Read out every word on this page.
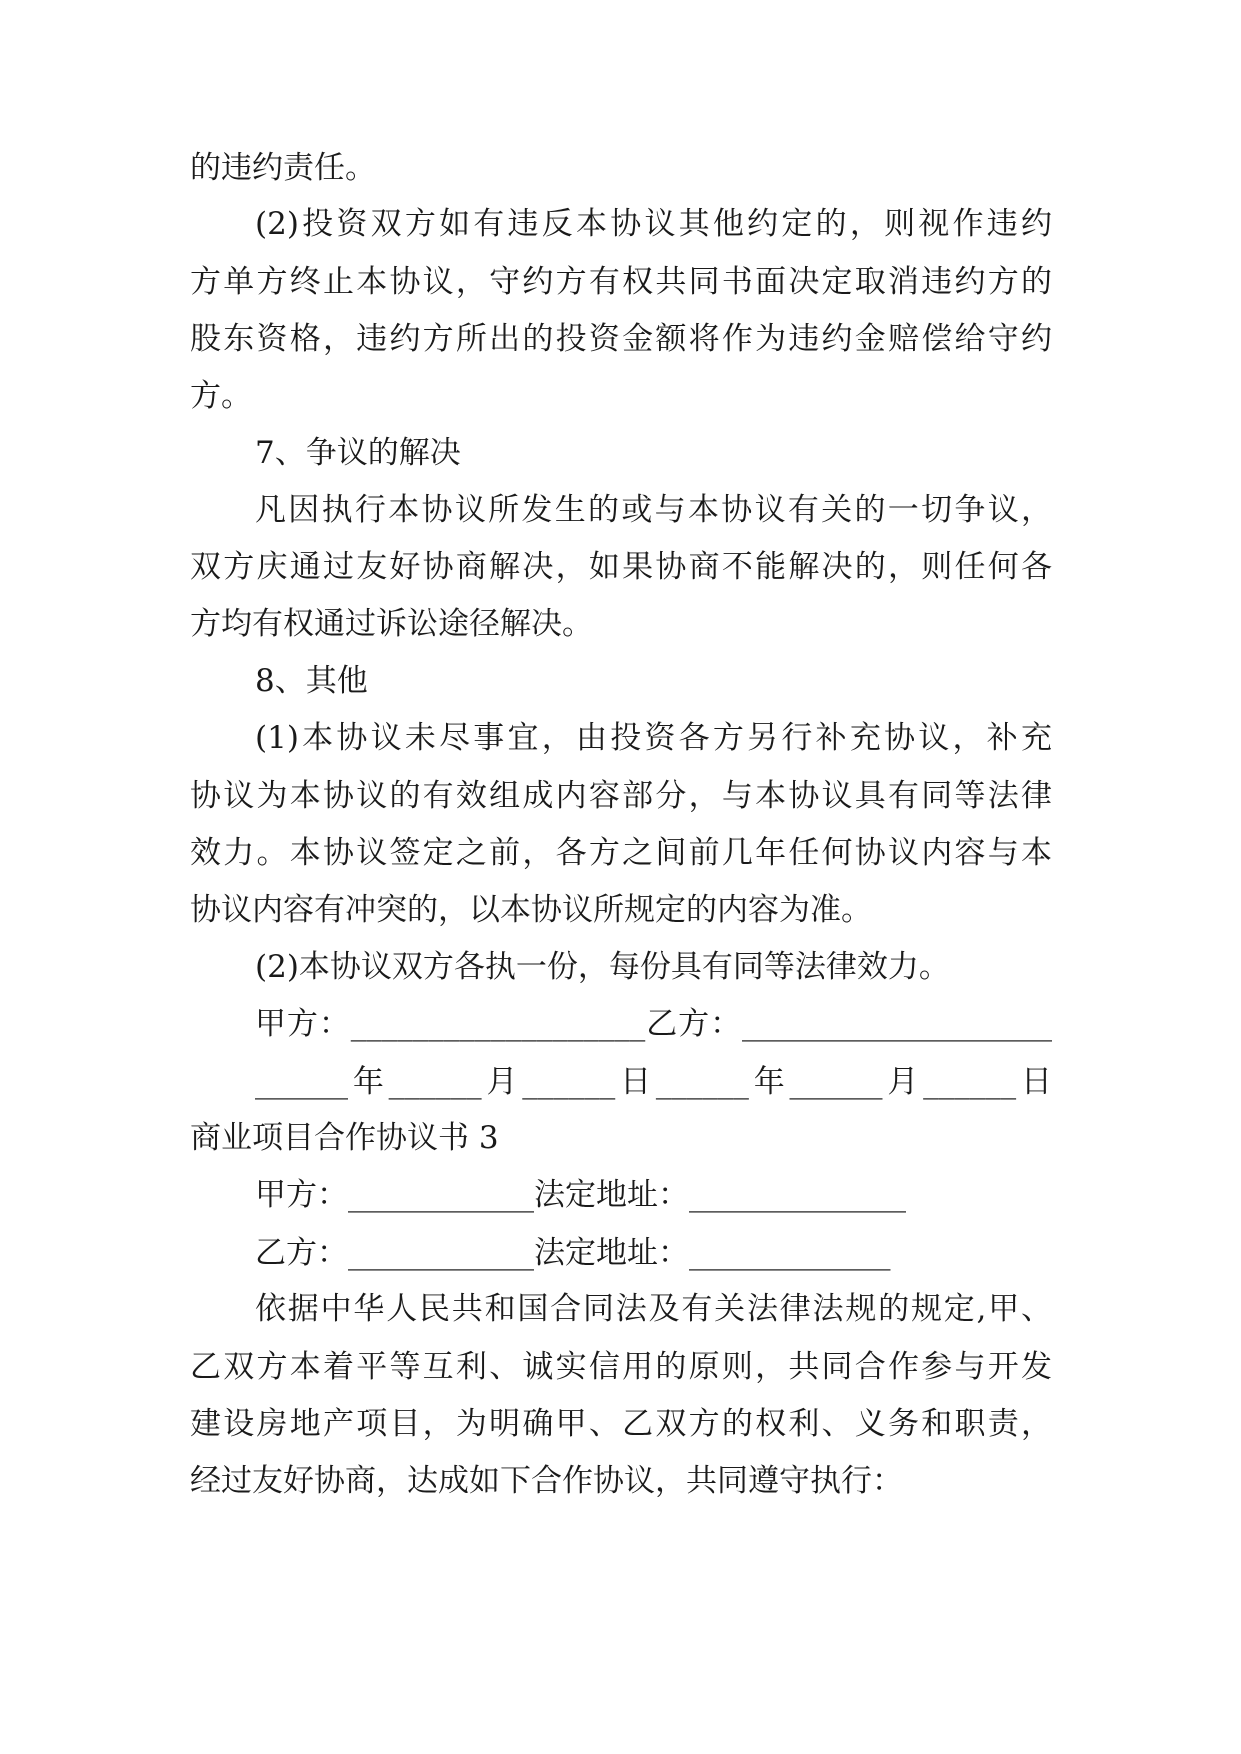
的违约责任。
(2)投资双方如有违反本协议其他约定的，则视作违约
方单方终止本协议，守约方有权共同书面决定取消违约方的
股东资格，违约方所出的投资金额将作为违约金赔偿给守约
方。
7、争议的解决
凡因执行本协议所发生的或与本协议有关的一切争议，
双方庆通过友好协商解决，如果协商不能解决的，则任何各
方均有权通过诉讼途径解决。
8、其他
(1)本协议未尽事宜，由投资各方另行补充协议，补充
协议为本协议的有效组成内容部分，与本协议具有同等法律
效力。本协议签定之前，各方之间前几年任何协议内容与本
协议内容有冲突的，以本协议所规定的内容为准。
(2)本协议双方各执一份，每份具有同等法律效力。
甲方：___________________乙方：____________________
______年______月______日______年______月______日
商业项目合作协议书 3
甲方：____________法定地址：______________
乙方：____________法定地址：_____________
依据中华人民共和国合同法及有关法律法规的规定,甲、
乙双方本着平等互利、诚实信用的原则，共同合作参与开发
建设房地产项目，为明确甲、乙双方的权利、义务和职责，
经过友好协商，达成如下合作协议，共同遵守执行：
